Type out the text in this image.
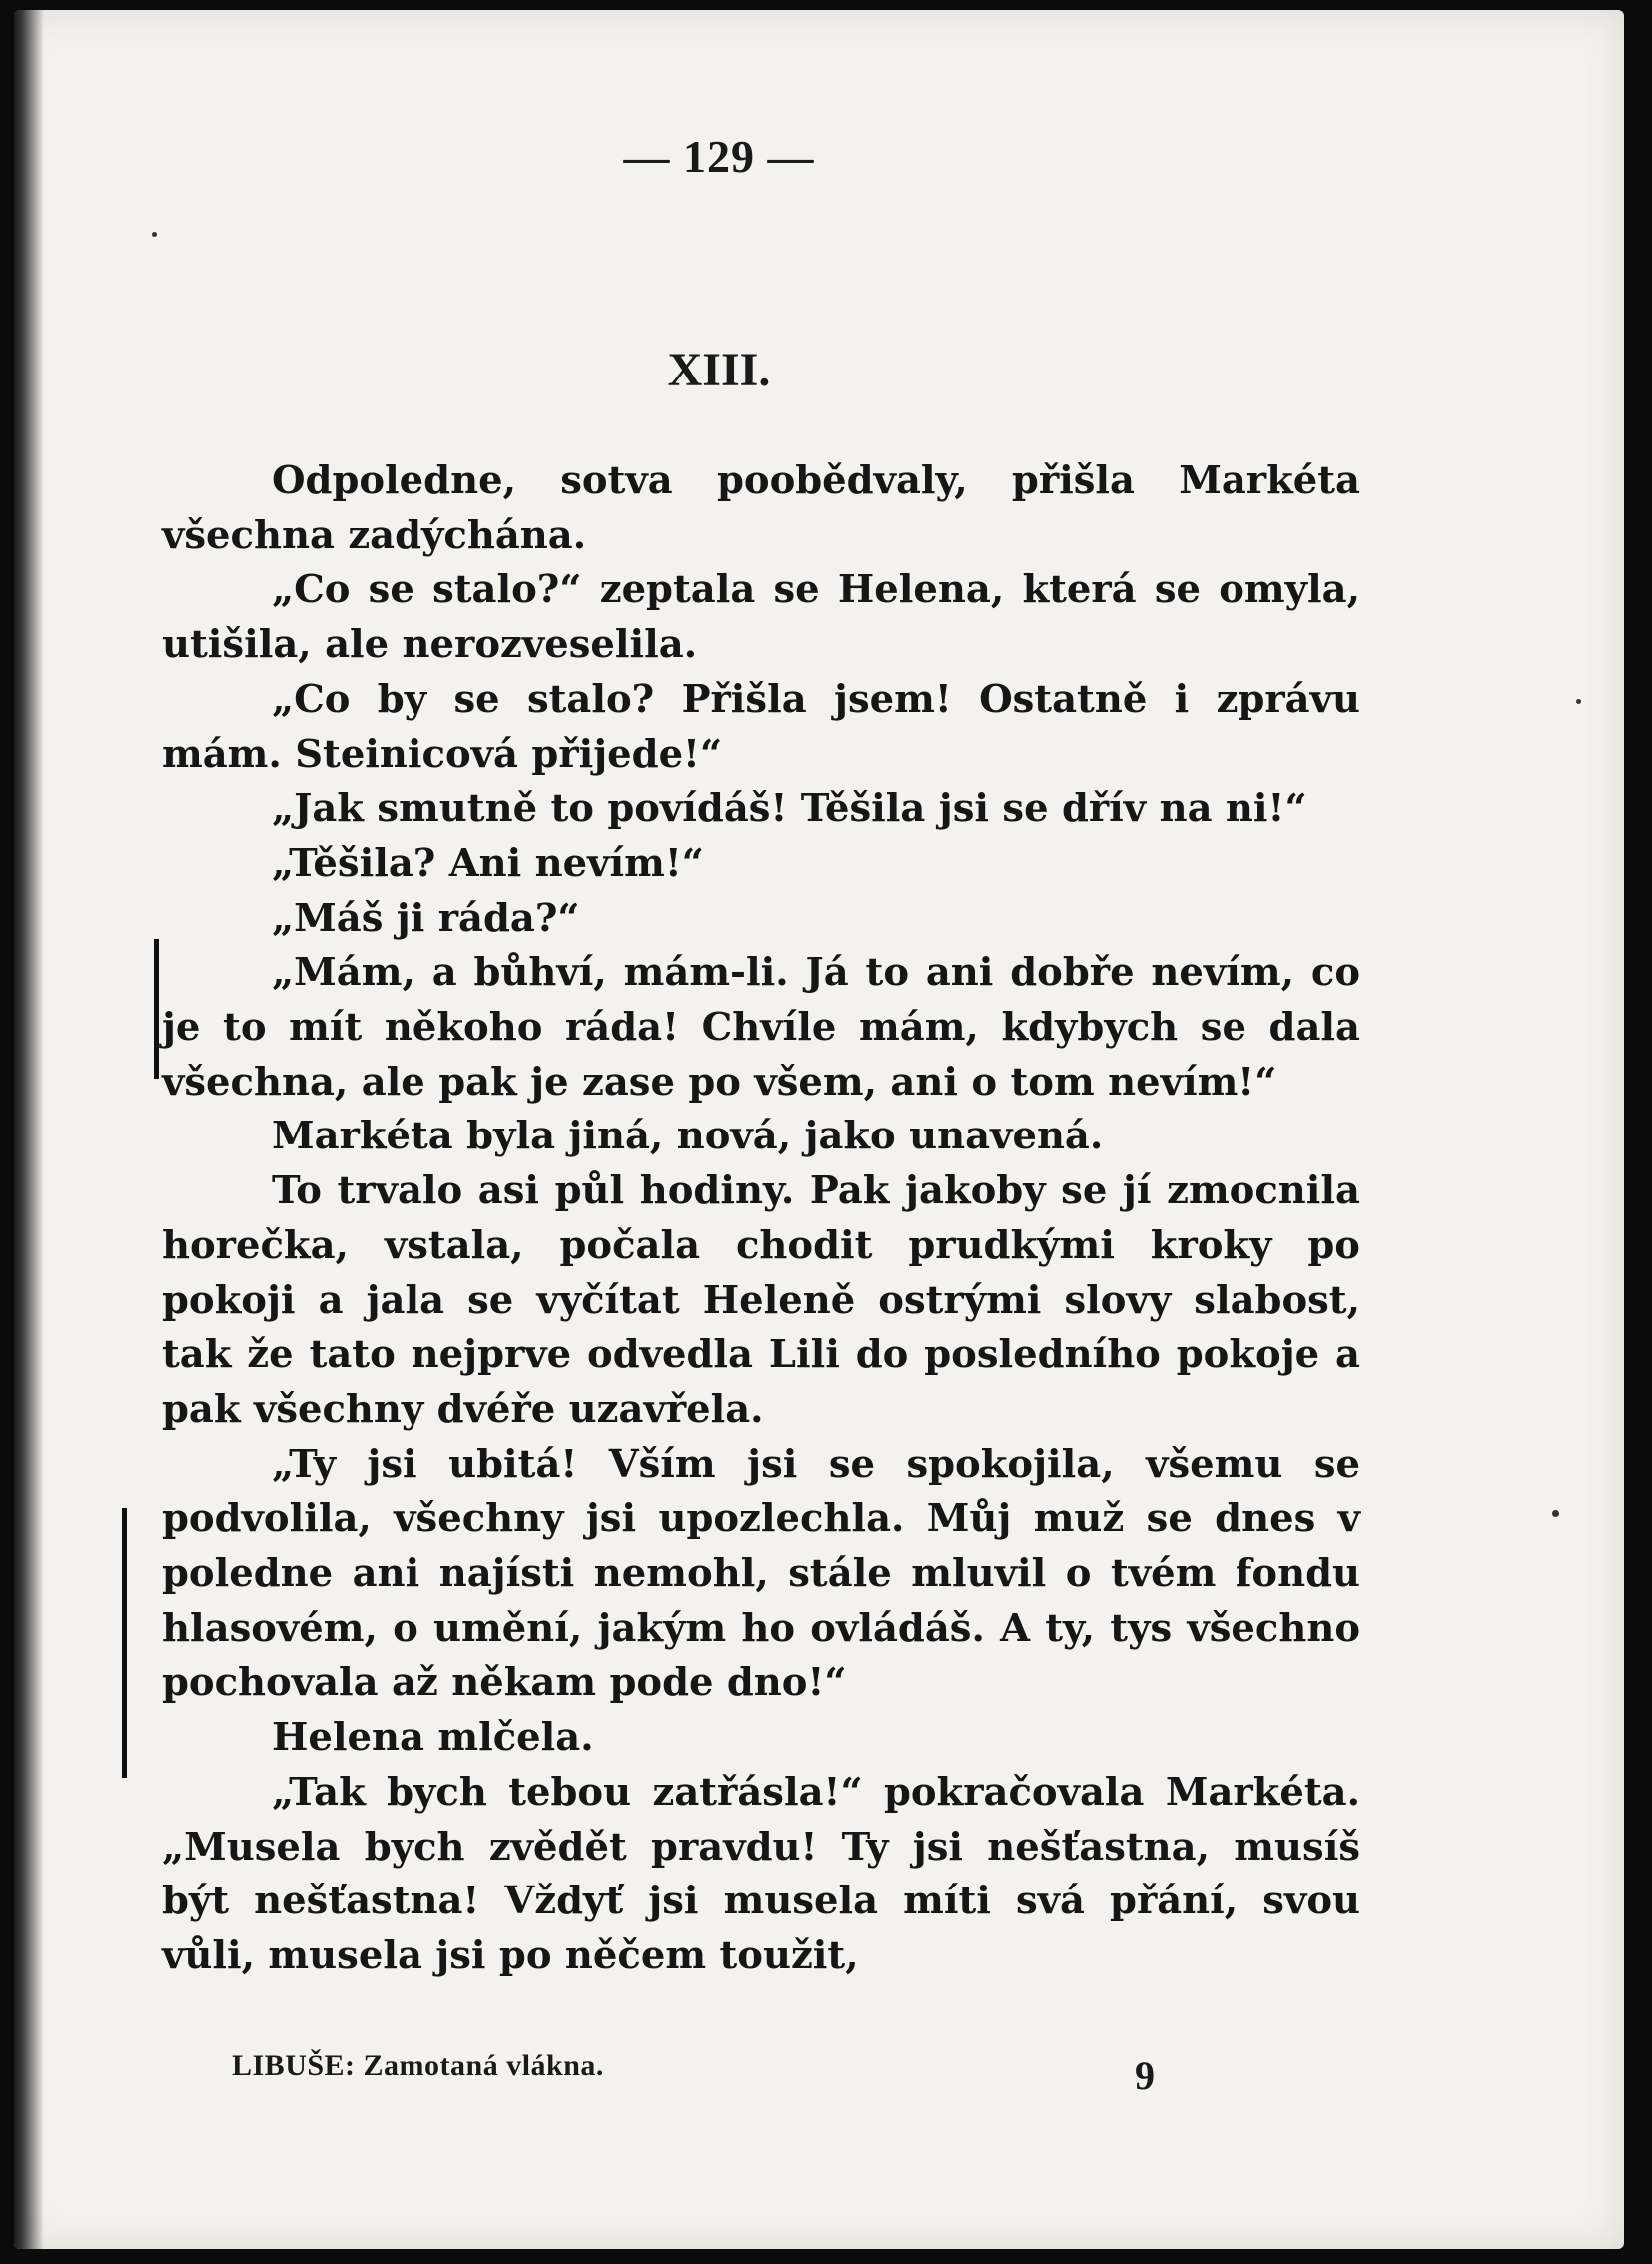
— 129 —
XIII.

Odpoledne, sotva poobědvaly, přišla Markéta všechna zadýchána.

„Co se stalo?“ zeptala se Helena, která se omyla, utišila, ale nerozveselila.

„Co by se stalo? Přišla jsem! Ostatně i zprávu mám. Steinicová přijede!“

„Jak smutně to povídáš! Těšila jsi se dřív na ni!“

„Těšila? Ani nevím!“

„Máš ji ráda?“

„Mám, a bůhví, mám-li. Já to ani dobře nevím, co je to mít někoho ráda! Chvíle mám, kdybych se dala všechna, ale pak je zase po všem, ani o tom nevím!“

Markéta byla jiná, nová, jako unavená.

To trvalo asi půl hodiny. Pak jakoby se jí zmocnila horečka, vstala, počala chodit prudkými kroky po pokoji a jala se vyčítat Heleně ostrými slovy slabost, tak že tato nejprve odvedla Lili do posledního pokoje a pak všechny dvéře uzavřela.

„Ty jsi ubitá! Vším jsi se spokojila, všemu se podvolila, všechny jsi upozlechla. Můj muž se dnes v poledne ani najísti nemohl, stále mluvil o tvém fondu hlasovém, o umění, jakým ho ovládáš. A ty, tys všechno pochovala až někam pode dno!“

Helena mlčela.

„Tak bych tebou zatřásla!“ pokračovala Markéta. „Musela bych zvědět pravdu! Ty jsi nešťastna, musíš být nešťastna! Vždyť jsi musela míti svá přání, svou vůli, musela jsi po něčem toužit,

LIBUŠE: Zamotaná vlákna.	9
